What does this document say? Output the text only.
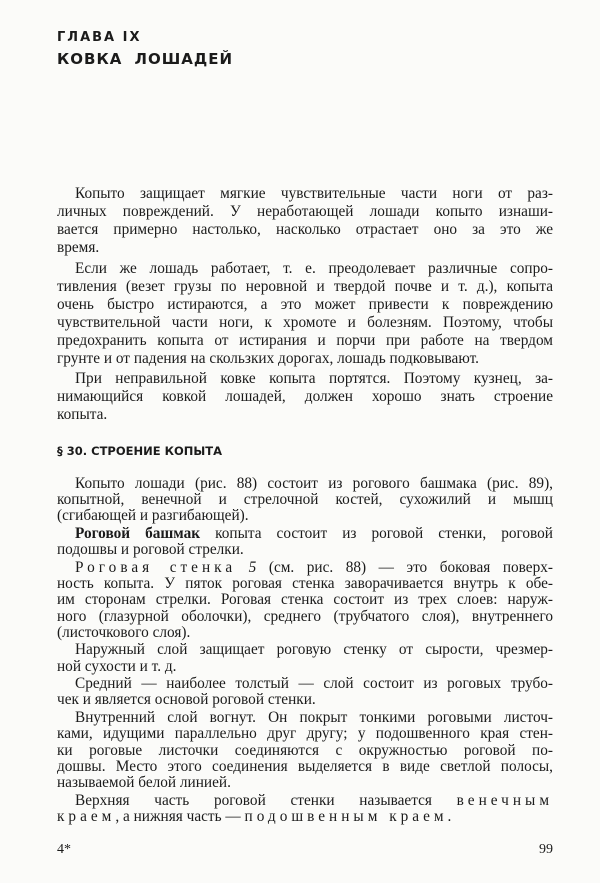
ГЛАВА IX
КОВКА ЛОШАДЕЙ
Копыто защищает мягкие чувствительные части ноги от раз-
личных повреждений. У неработающей лошади копыто изнаши-
вается примерно настолько, насколько отрастает оно за это же
время.
Если же лошадь работает, т. е. преодолевает различные сопро-
тивления (везет грузы по неровной и твердой почве и т. д.), копыта
очень быстро истираются, а это может привести к повреждению
чувствительной части ноги, к хромоте и болезням. Поэтому, чтобы
предохранить копыта от истирания и порчи при работе на твердом
грунте и от падения на скользких дорогах, лошадь подковывают.
При неправильной ковке копыта портятся. Поэтому кузнец, за-
нимающийся ковкой лошадей, должен хорошо знать строение
копыта.
§ 30. СТРОЕНИЕ КОПЫТА
Копыто лошади (рис. 88) состоит из рогового башмака (рис. 89),
копытной, венечной и стрелочной костей, сухожилий и мышц
(сгибающей и разгибающей).
Роговой башмак копыта состоит из роговой стенки, роговой
подошвы и роговой стрелки.
Роговая стенка 5 (см. рис. 88) — это боковая поверх-
ность копыта. У пяток роговая стенка заворачивается внутрь к обе-
им сторонам стрелки. Роговая стенка состоит из трех слоев: наруж-
ного (глазурной оболочки), среднего (трубчатого слоя), внутреннего
(листочкового слоя).
Наружный слой защищает роговую стенку от сырости, чрезмер-
ной сухости и т. д.
Средний — наиболее толстый — слой состоит из роговых трубо-
чек и является основой роговой стенки.
Внутренний слой вогнут. Он покрыт тонкими роговыми листоч-
ками, идущими параллельно друг другу; у подошвенного края стен-
ки роговые листочки соединяются с окружностью роговой по-
дошвы. Место этого соединения выделяется в виде светлой полосы,
называемой белой линией.
Верхняя часть роговой стенки называется венечным
краем, а нижняя часть — подошвенным краем.
4*	99
